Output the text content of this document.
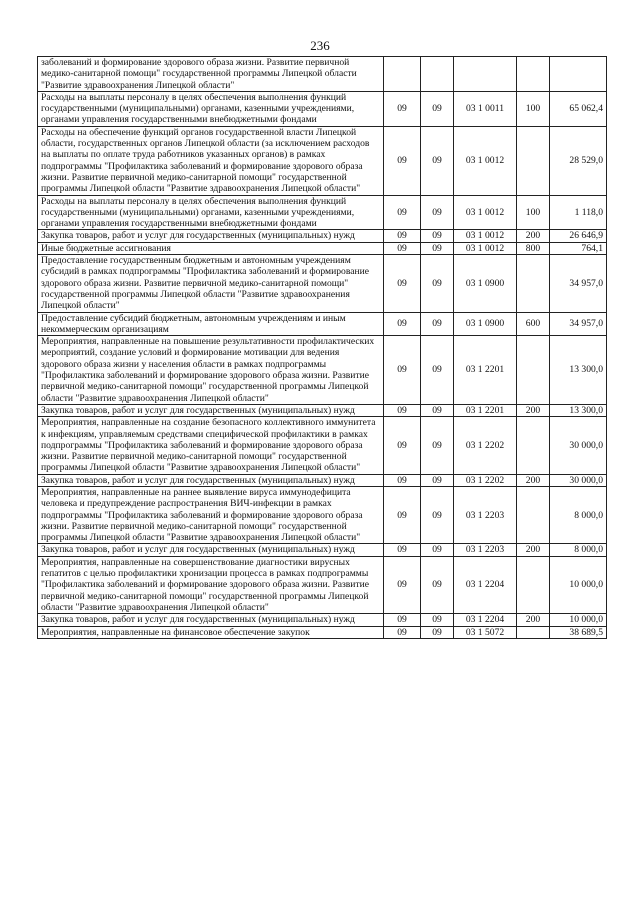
236
заболеваний и формирование здорового образа жизни. Развитие первичной медико-санитарной помощи" государственной программы Липецкой области "Развитие здравоохранения Липецкой области"					
Расходы на выплаты персоналу в целях обеспечения выполнения функций государственными (муниципальными) органами, казенными учреждениями, органами управления государственными внебюджетными фондами	09	09	03 1 0011	100	65 062,4
Расходы на обеспечение функций органов государственной власти Липецкой области, государственных органов Липецкой области (за исключением расходов на выплаты по оплате труда работников указанных органов) в рамках подпрограммы "Профилактика заболеваний и формирование здорового образа жизни. Развитие первичной медико-санитарной помощи" государственной программы Липецкой области "Развитие здравоохранения Липецкой области"	09	09	03 1 0012		28 529,0
Расходы на выплаты персоналу в целях обеспечения выполнения функций государственными (муниципальными) органами, казенными учреждениями, органами управления государственными внебюджетными фондами	09	09	03 1 0012	100	1 118,0
Закупка товаров, работ и услуг для государственных (муниципальных) нужд	09	09	03 1 0012	200	26 646,9
Иные бюджетные ассигнования	09	09	03 1 0012	800	764,1
Предоставление государственным бюджетным и автономным учреждениям субсидий в рамках подпрограммы "Профилактика заболеваний и формирование здорового образа жизни. Развитие первичной медико-санитарной помощи" государственной программы Липецкой области "Развитие здравоохранения Липецкой области"	09	09	03 1 0900		34 957,0
Предоставление субсидий бюджетным, автономным учреждениям и иным некоммерческим организациям	09	09	03 1 0900	600	34 957,0
Мероприятия, направленные на повышение результативности профилактических мероприятий, создание условий и формирование мотивации для ведения здорового образа жизни у населения области в рамках подпрограммы "Профилактика заболеваний и формирование здорового образа жизни. Развитие первичной медико-санитарной помощи" государственной программы Липецкой области "Развитие здравоохранения Липецкой области"	09	09	03 1 2201		13 300,0
Закупка товаров, работ и услуг для государственных (муниципальных) нужд	09	09	03 1 2201	200	13 300,0
Мероприятия, направленные на создание безопасного коллективного иммунитета к инфекциям, управляемым средствами специфической профилактики в рамках подпрограммы "Профилактика заболеваний и формирование здорового образа жизни. Развитие первичной медико-санитарной помощи" государственной программы Липецкой области "Развитие здравоохранения Липецкой области"	09	09	03 1 2202		30 000,0
Закупка товаров, работ и услуг для государственных (муниципальных) нужд	09	09	03 1 2202	200	30 000,0
Мероприятия, направленные на раннее выявление вируса иммунодефицита человека и предупреждение распространения ВИЧ-инфекции в рамках подпрограммы "Профилактика заболеваний и формирование здорового образа жизни. Развитие первичной медико-санитарной помощи" государственной программы Липецкой области "Развитие здравоохранения Липецкой области"	09	09	03 1 2203		8 000,0
Закупка товаров, работ и услуг для государственных (муниципальных) нужд	09	09	03 1 2203	200	8 000,0
Мероприятия, направленные на совершенствование диагностики вирусных гепатитов с целью профилактики хронизации процесса в рамках подпрограммы "Профилактика заболеваний и формирование здорового образа жизни. Развитие первичной медико-санитарной помощи" государственной программы Липецкой области "Развитие здравоохранения Липецкой области"	09	09	03 1 2204		10 000,0
Закупка товаров, работ и услуг для государственных (муниципальных) нужд	09	09	03 1 2204	200	10 000,0
Мероприятия, направленные на финансовое обеспечение закупок	09	09	03 1 5072		38 689,5
